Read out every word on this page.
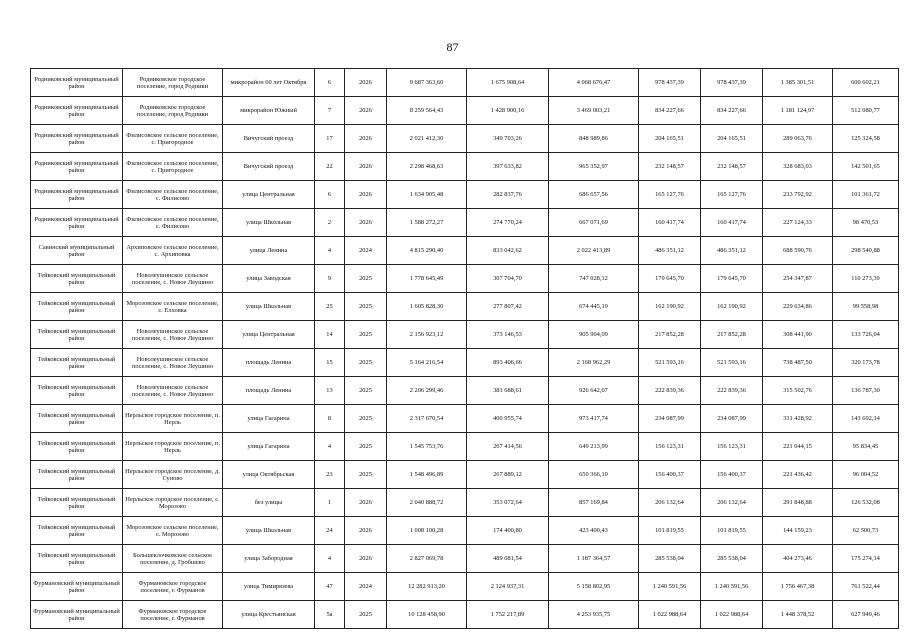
87
Родниковский муниципальный район	Родниковское городское поселение, город Родники	микрорайон 60 лет Октября	6	2026	9 687 363,60	1 675 908,64	4 068 676,47	978 437,39	978 437,39	1 385 301,51	600 602,21
Родниковский муниципальный район	Родниковское городское поселение, город Родники	микрорайон Южный	7	2026	8 259 564,43	1 428 900,16	3 469 003,21	834 227,66	834 227,66	1 181 124,97	512 080,77
Родниковский муниципальный район	Филисовское сельское поселение, с. Пригородное	Вичугский проезд	17	2026	2 021 412,30	349 703,26	848 989,86	204 165,51	204 165,51	289 063,76	125 324,58
Родниковский муниципальный район	Филисовское сельское поселение, с. Пригородное	Вичугский проезд	22	2026	2 298 468,63	397 633,82	965 352,97	232 148,57	232 148,57	328 683,03	142 501,65
Родниковский муниципальный район	Филисовское сельское поселение, с. Филисово	улица Центральная	6	2026	1 634 905,48	282 837,76	686 657,56	165 127,76	165 127,76	233 792,92	101 361,72
Родниковский муниципальный район	Филисовское сельское поселение, с. Филисово	улица Школьная	2	2026	1 588 272,27	274 770,24	667 071,69	160 417,74	160 417,74	227 124,33	98 470,53
Савинский муниципальный район	Архиповское сельское поселение, с. Архиповка	улица Ленина	4	2024	4 815 290,40	833 042,62	2 022 413,89	486 351,12	486 351,12	688 590,76	298 540,88
Тейковский муниципальный район	Новолеушинское сельское поселение, с. Новое Леушино	улица Заводская	9	2025	1 778 645,49	307 704,70	747 028,12	179 645,70	179 645,70	254 347,87	110 273,39
Тейковский муниципальный район	Морозовское сельское поселение, с. Елховка	улица Школьная	25	2025	1 605 828,30	277 807,42	674 445,19	162 190,92	162 190,92	229 634,86	99 558,98
Тейковский муниципальный район	Новолеушинское сельское поселение, с. Новое Леушино	улица Центральная	14	2025	2 156 923,12	373 146,53	905 904,09	217 852,28	217 852,28	308 441,90	133 726,04
Тейковский муниципальный район	Новолеушинское сельское поселение, с. Новое Леушино	площадь Ленина	15	2025	5 164 216,54	893 406,66	2 168 962,29	521 593,16	521 593,16	738 487,50	320 173,78
Тейковский муниципальный район	Новолеушинское сельское поселение, с. Новое Леушино	площадь Ленина	13	2025	2 206 299,46	381 688,61	926 642,07	222 839,36	222 839,36	315 502,76	136 787,30
Тейковский муниципальный район	Нерльское городское поселение, п. Нерль	улица Гагарина	8	2025	2 317 670,54	400 955,74	973 417,74	234 087,99	234 087,99	331 428,92	143 692,14
Тейковский муниципальный район	Нерльское городское поселение, п. Нерль	улица Гагарина	4	2025	1 545 753,76	267 414,56	649 213,99	156 123,31	156 123,31	221 044,15	95 834,45
Тейковский муниципальный район	Нерльское городское поселение, д. Суново	улица Октябрьская	23	2025	1 548 496,89	267 889,12	650 366,10	156 400,37	156 400,37	221 436,42	96 004,52
Тейковский муниципальный район	Нерльское городское поселение, с. Морозово	без улицы	1	2026	2 040 888,72	353 072,64	857 169,84	206 132,64	206 132,64	291 848,88	126 532,08
Тейковский муниципальный район	Морозовское сельское поселение, с. Морозово	улица Школьная	24	2026	1 008 100,28	174 400,80	423 400,43	101 819,55	101 819,55	144 159,23	62 500,73
Тейковский муниципальный район	Большеклочковское сельское поселение, д. Гробшево	улица Забородная	4	2026	2 827 069,78	489 081,54	1 187 364,57	285 538,04	285 538,04	404 273,46	175 274,14
Фурмановский муниципальный район	Фурмановское городское поселение, г. Фурманов	улица Тимирязева	47	2024	12 282 913,20	2 124 937,31	5 158 802,95	1 240 591,56	1 240 591,56	1 756 467,38	761 522,44
Фурмановский муниципальный район	Фурмановское городское поселение, г. Фурманов	улица Крестьянская	5а	2025	10 128 458,90	1 752 217,89	4 253 935,75	1 022 988,64	1 022 988,64	1 448 378,52	627 949,46
